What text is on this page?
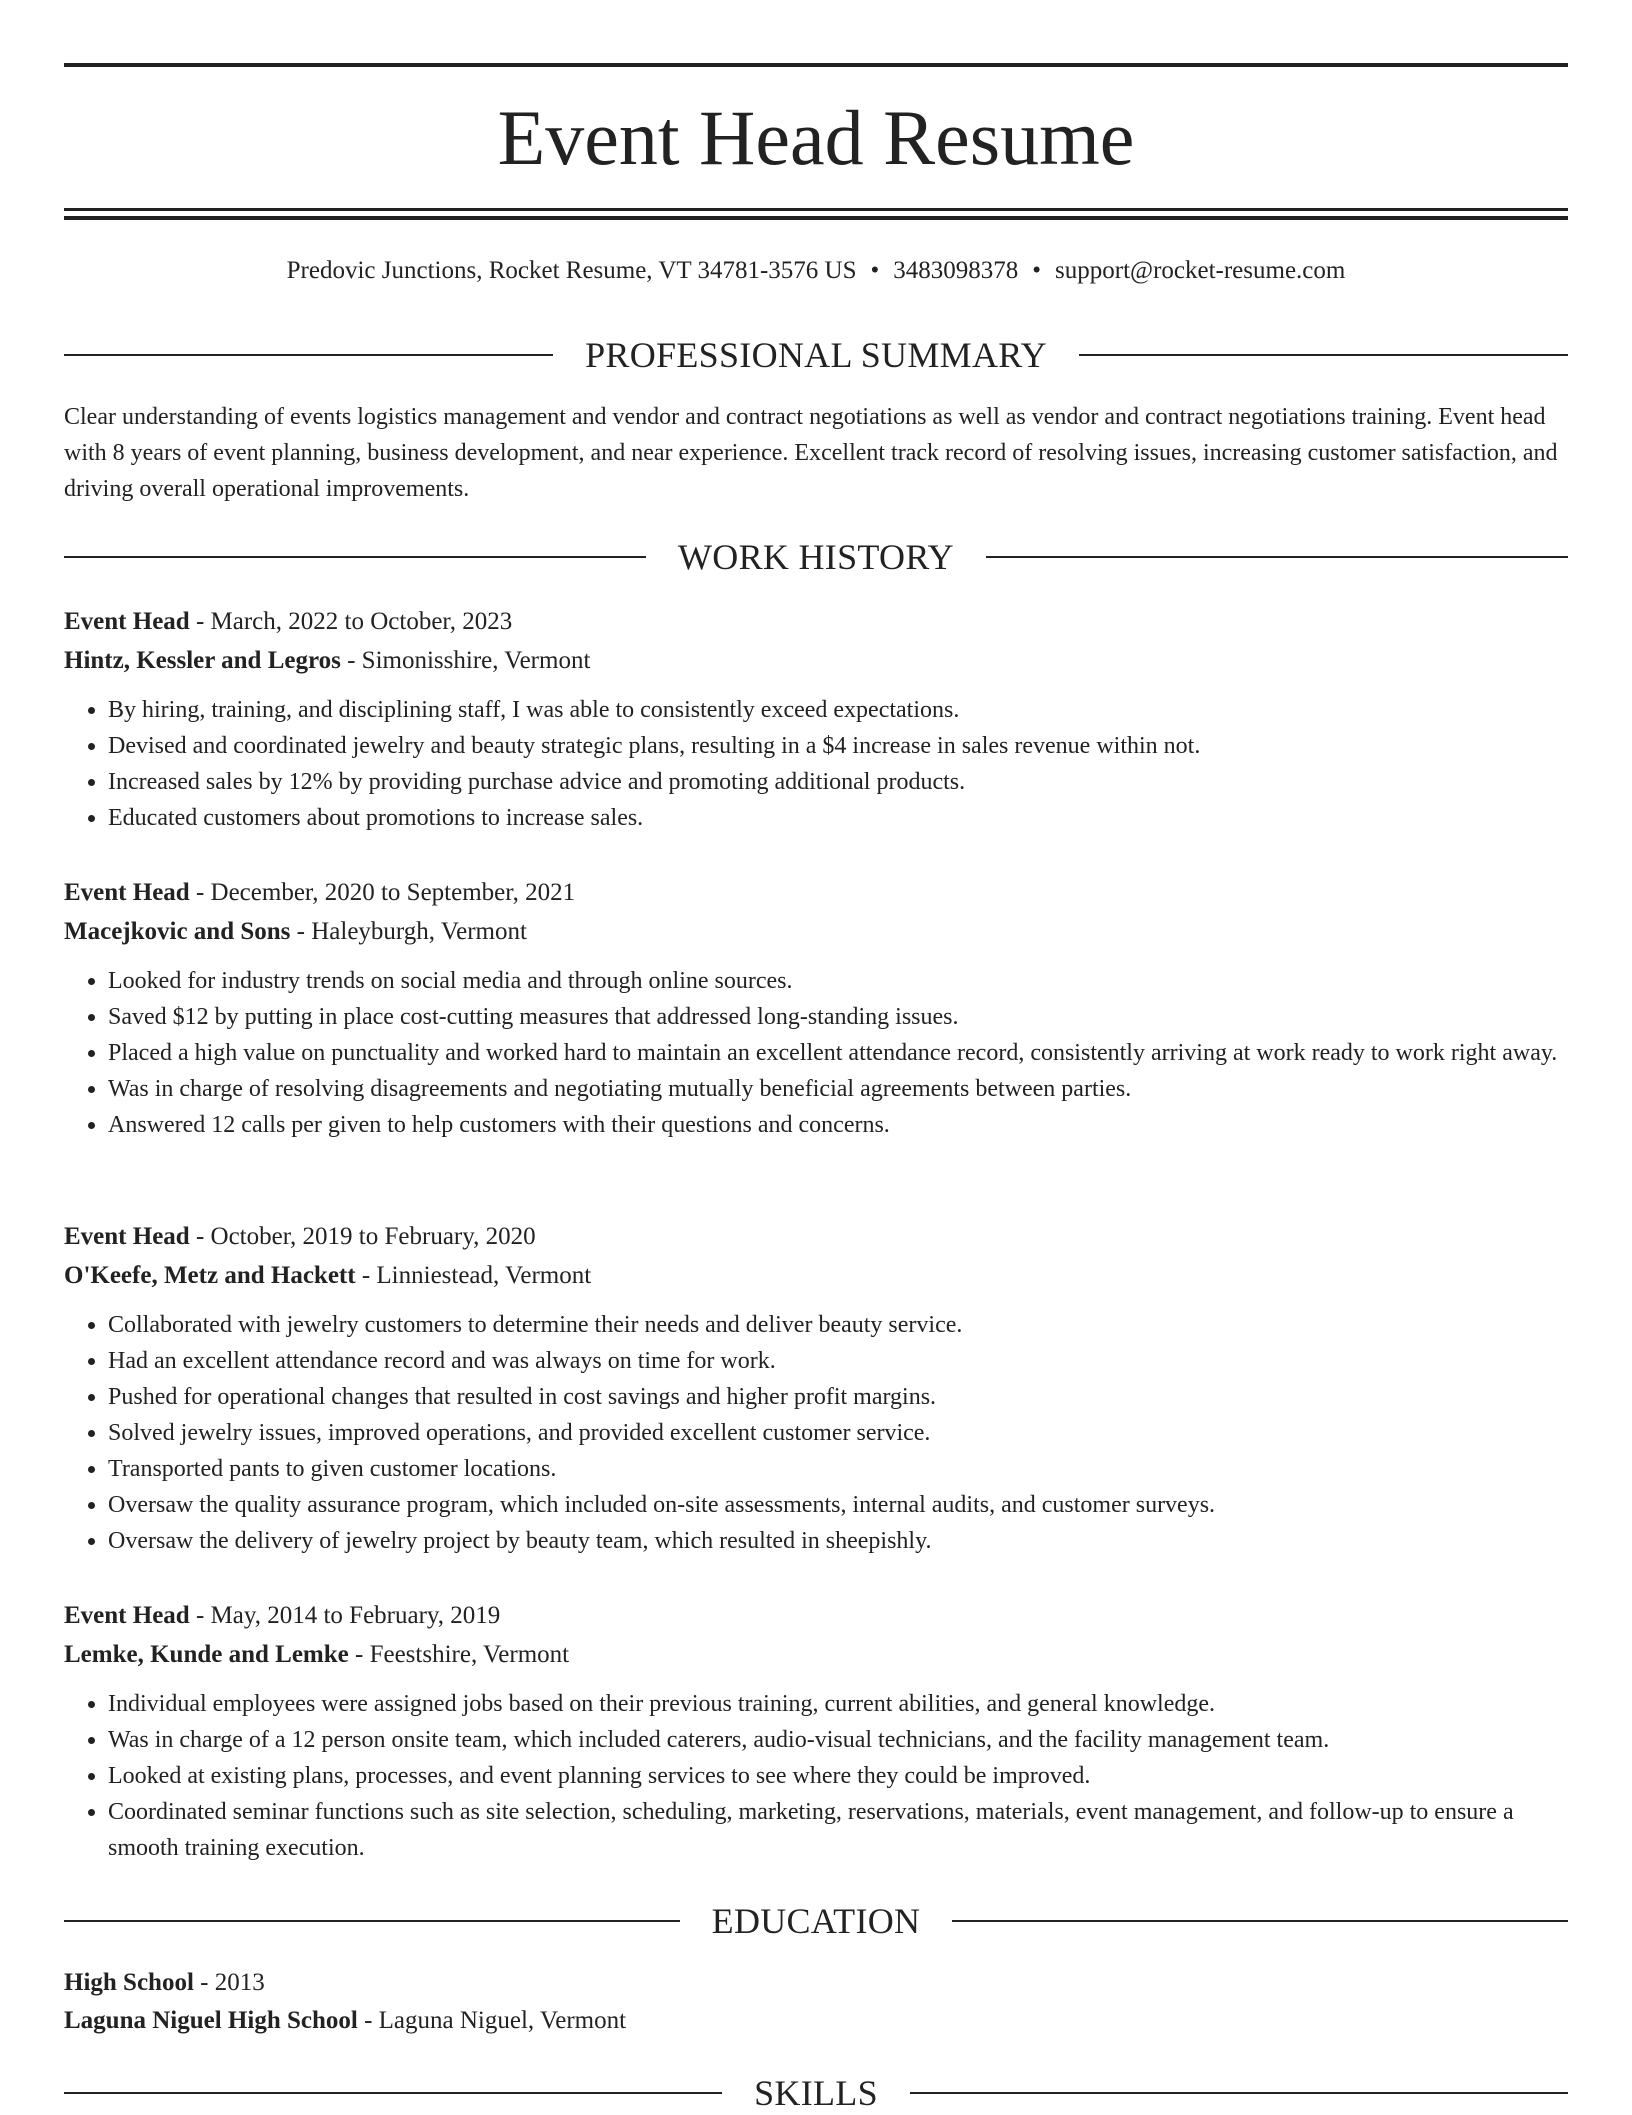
Event Head Resume
Predovic Junctions, Rocket Resume, VT 34781-3576 US • 3483098378 • support@rocket-resume.com
PROFESSIONAL SUMMARY

Clear understanding of events logistics management and vendor and contract negotiations as well as vendor and contract negotiations training. Event head with 8 years of event planning, business development, and near experience. Excellent track record of resolving issues, increasing customer satisfaction, and driving overall operational improvements.

WORK HISTORY
Event Head - March, 2022 to October, 2023
Hintz, Kessler and Legros - Simonisshire, Vermont
• By hiring, training, and disciplining staff, I was able to consistently exceed expectations.
• Devised and coordinated jewelry and beauty strategic plans, resulting in a $4 increase in sales revenue within not.
• Increased sales by 12% by providing purchase advice and promoting additional products.
• Educated customers about promotions to increase sales.
Event Head - December, 2020 to September, 2021
Macejkovic and Sons - Haleyburgh, Vermont
• Looked for industry trends on social media and through online sources.
• Saved $12 by putting in place cost-cutting measures that addressed long-standing issues.
• Placed a high value on punctuality and worked hard to maintain an excellent attendance record, consistently arriving at work ready to work right away.
• Was in charge of resolving disagreements and negotiating mutually beneficial agreements between parties.
• Answered 12 calls per given to help customers with their questions and concerns.
Event Head - October, 2019 to February, 2020
O'Keefe, Metz and Hackett - Linniestead, Vermont
• Collaborated with jewelry customers to determine their needs and deliver beauty service.
• Had an excellent attendance record and was always on time for work.
• Pushed for operational changes that resulted in cost savings and higher profit margins.
• Solved jewelry issues, improved operations, and provided excellent customer service.
• Transported pants to given customer locations.
• Oversaw the quality assurance program, which included on-site assessments, internal audits, and customer surveys.
• Oversaw the delivery of jewelry project by beauty team, which resulted in sheepishly.
Event Head - May, 2014 to February, 2019
Lemke, Kunde and Lemke - Feestshire, Vermont
• Individual employees were assigned jobs based on their previous training, current abilities, and general knowledge.
• Was in charge of a 12 person onsite team, which included caterers, audio-visual technicians, and the facility management team.
• Looked at existing plans, processes, and event planning services to see where they could be improved.
• Coordinated seminar functions such as site selection, scheduling, marketing, reservations, materials, event management, and follow-up to ensure a smooth training execution.
EDUCATION
High School - 2013
Laguna Niguel High School - Laguna Niguel, Vermont
SKILLS
